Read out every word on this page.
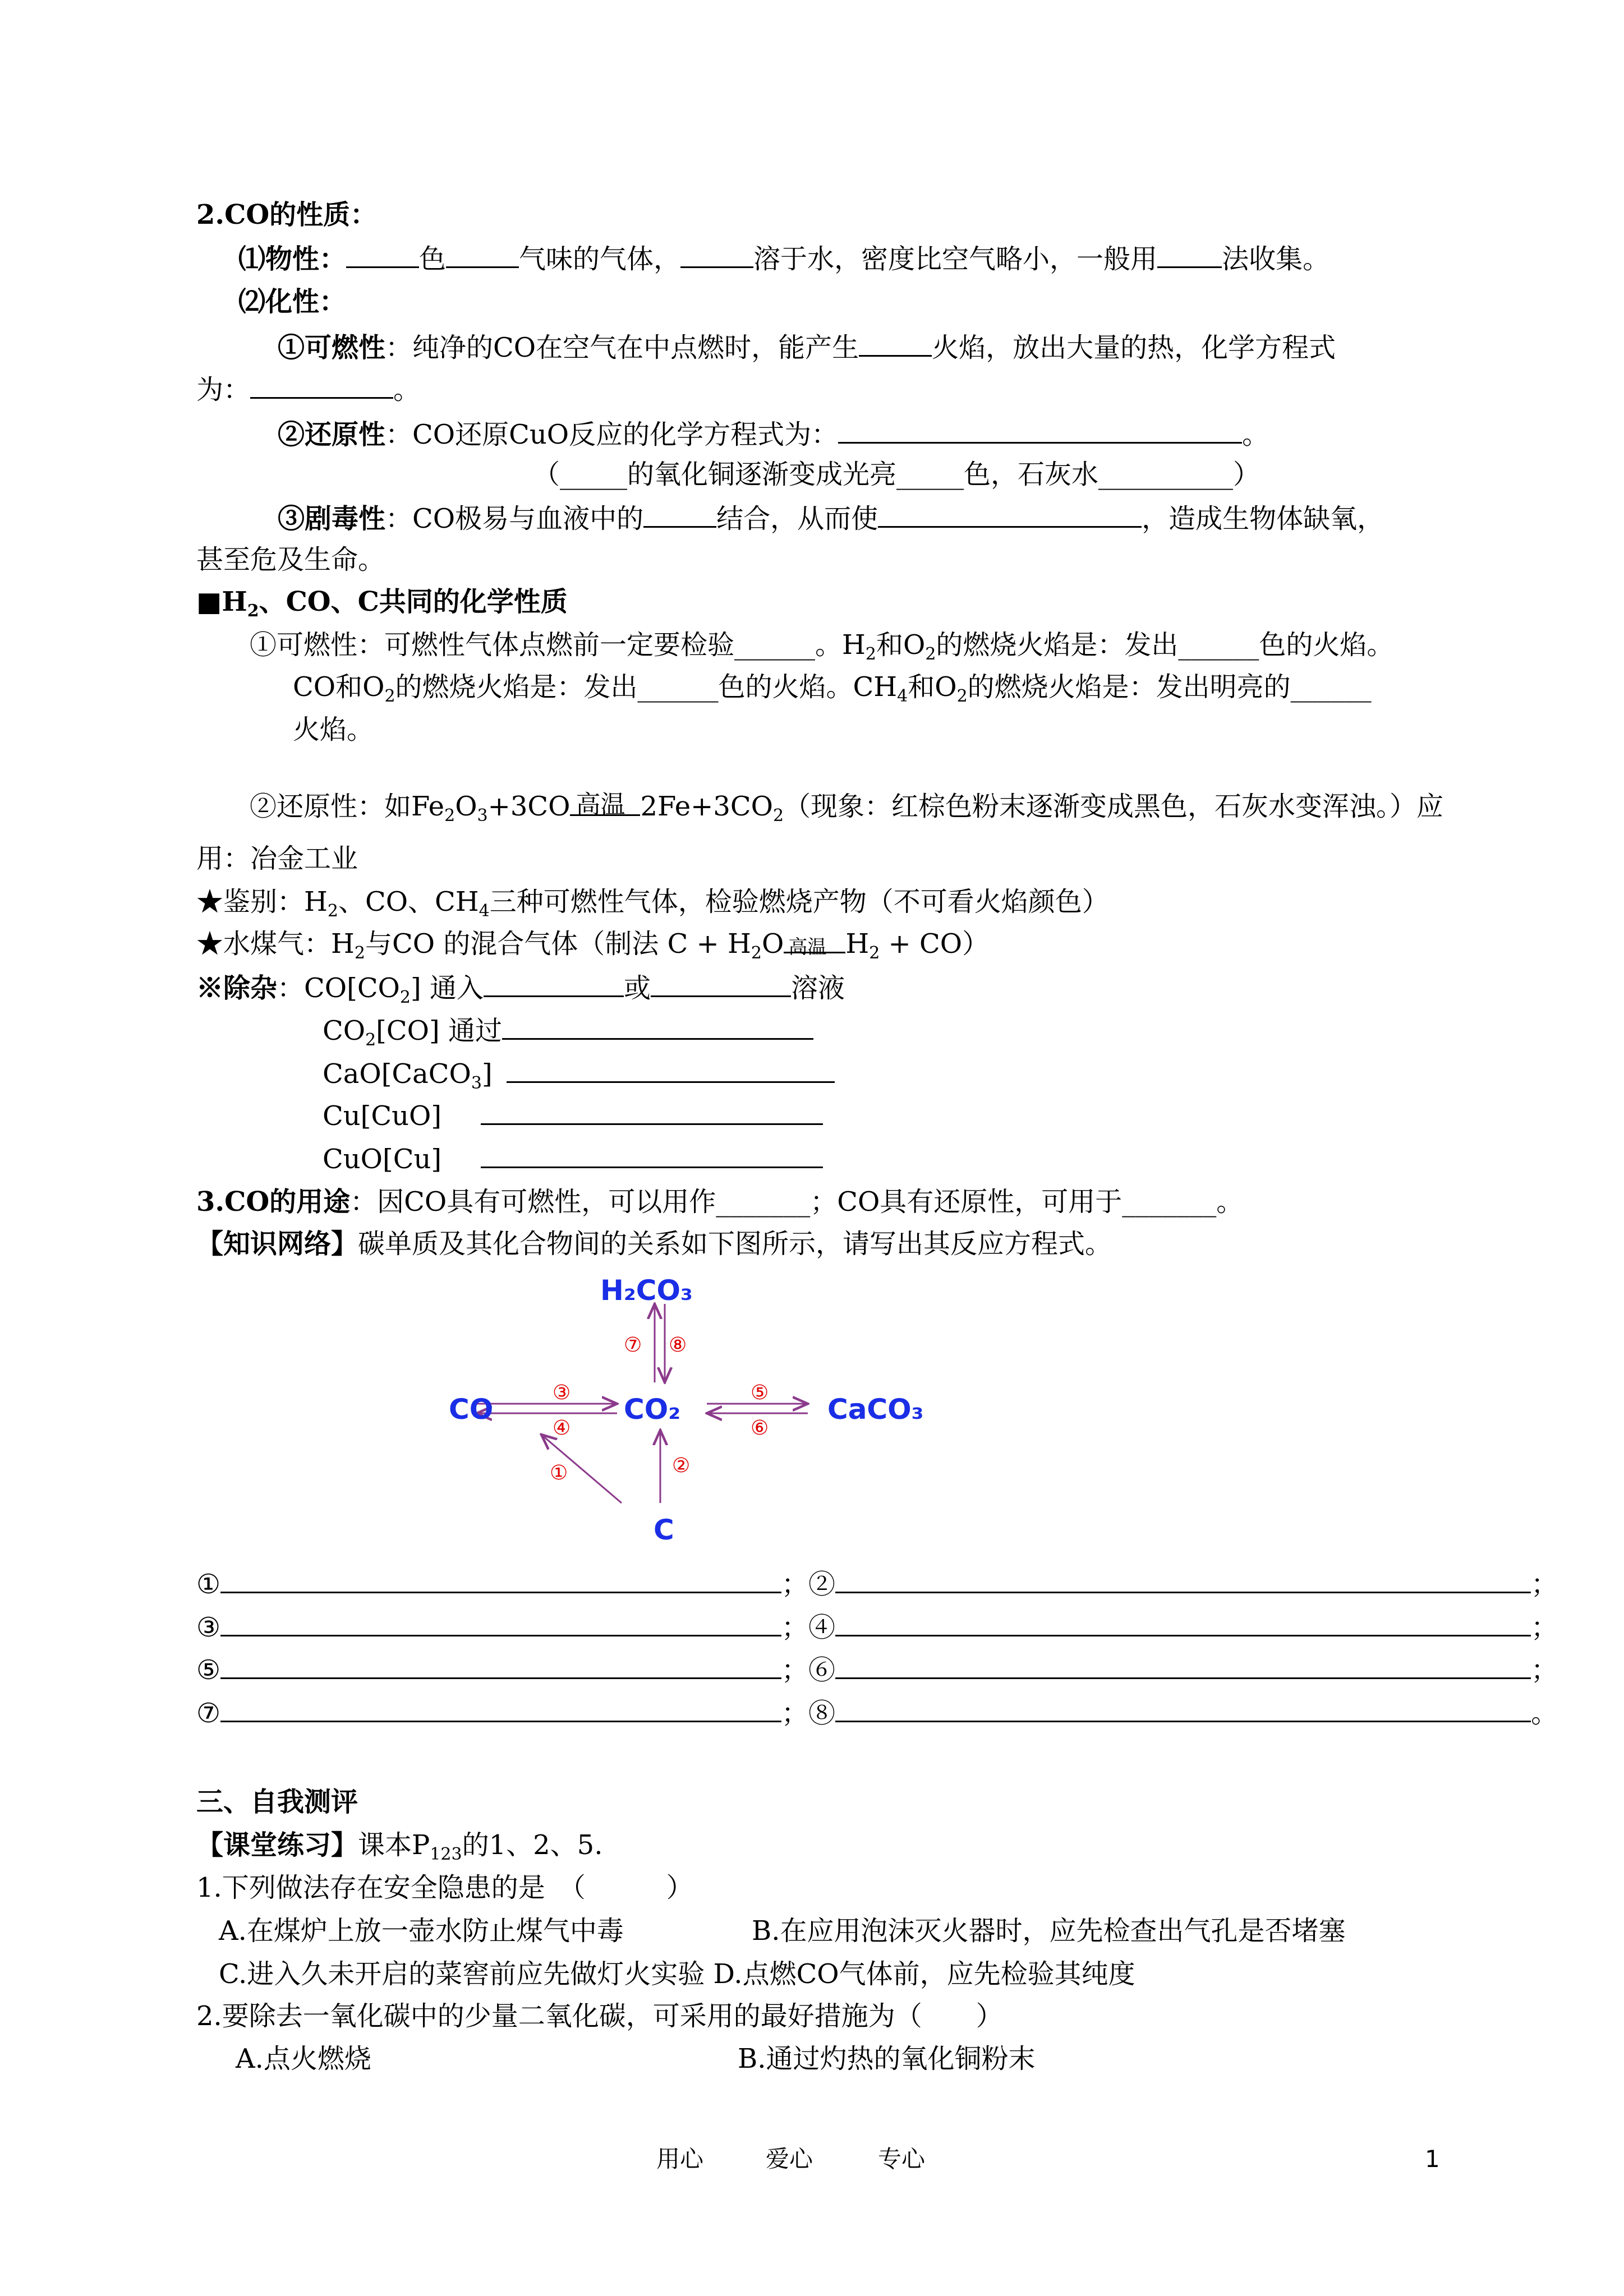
2.CO的性质：
⑴物性：	色	气味的气体，	溶于水，密度比空气略小，一般用 法收集。
⑵化性：
①可燃性：纯净的CO在空气在中点燃时，能产生	火焰，放出大量的热，化学方程式
为：	。
②还原性：CO还原CuO反应的化学方程式为：	。
（_____的氧化铜逐渐变成光亮_____色，石灰水__________）
③剧毒性：CO极易与血液中的	结合，从而使	，造成生物体缺氧，
甚至危及生命。
$■H_2$、CO、C共同的化学性质
①可燃性：可燃性气体点燃前一定要检验______。$H_2$和$O_2$的燃烧火焰是：发出______色的火焰。
CO和$O_2$的燃烧火焰是：发出______色的火焰。$CH_4$和$O_2$的燃烧火焰是：发出明亮的______
火焰。
②还原性：如$Fe_2O_3+3CO$ 高温 $2Fe+3CO_2$（现象：红棕色粉末逐渐变成黑色，石灰水变浑浊。）应
用：冶金工业
★鉴别：$H_2$、CO、$CH_4$三种可燃性气体，检验燃烧产物（不可看火焰颜色）
★水煤气：$H_2$与CO 的混合气体（制法 $C + H_2O$ 高温 $H_2 + CO$）
※除杂：$CO[CO_2]$ 通入	或	溶液
$CO_2[CO]$ 通过
CaO[CaCO$_3$]
Cu[CuO]
CuO[Cu]
3.CO的用途：因CO具有可燃性，可以用作_______；CO具有还原性，可用于_______。
【知识网络】碳单质及其化合物间的关系如下图所示，请写出其反应方程式。
H₂CO₃
CO	CO₂	CaCO₃
C
①	②
③
④
⑤
⑥
⑦ ⑧
①	；②	；
③	；④	；
⑤	；⑥	；
⑦	；⑧	。
三、自我测评
【课堂练习】课本$P_{123}$的1、2、5.
1.下列做法存在安全隐患的是　（　　　）
A.在煤炉上放一壶水防止煤气中毒	B.在应用泡沫灭火器时，应先检查出气孔是否堵塞
C.进入久未开启的菜窖前应先做灯火实验 D.点燃CO气体前，应先检验其纯度
2.要除去一氧化碳中的少量二氧化碳，可采用的最好措施为（　　）
A.点火燃烧	B.通过灼热的氧化铜粉末
用心	爱心	专心	1
